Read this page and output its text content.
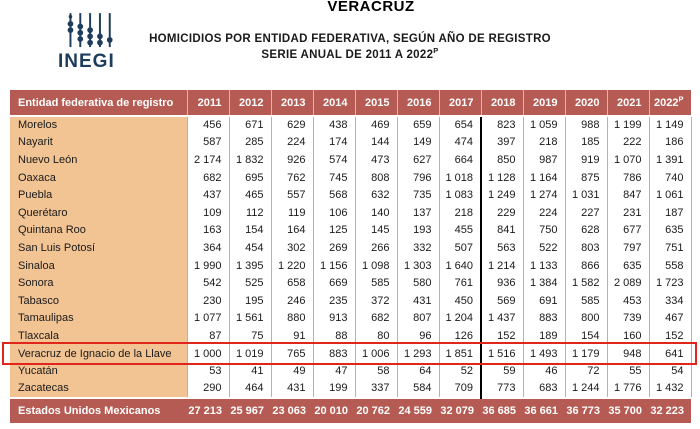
INEGI
VERACRUZ
HOMICIDIOS POR ENTIDAD FEDERATIVA, SEGÚN AÑO DE REGISTRO
SERIE ANUAL DE 2011 A $2022^P$
Entidad federativa de registro	2011	2012	2013	2014	2015	2016	2017	2018	2019	2020	2021	$2022^P$
Morelos	456	671	629	438	469	659	654	823	1 059	988	1 199	1 149
Nayarit	587	285	224	174	144	149	474	397	218	185	222	186
Nuevo León	2 174	1 832	926	574	473	627	664	850	987	919	1 070	1 391
Oaxaca	682	695	762	745	808	796	1 018	1 128	1 164	875	786	740
Puebla	437	465	557	568	632	735	1 083	1 249	1 274	1 031	847	1 061
Querétaro	109	112	119	106	140	137	218	229	224	227	231	187
Quintana Roo	163	154	164	125	145	193	455	841	750	628	677	635
San Luis Potosí	364	454	302	269	266	332	507	563	522	803	797	751
Sinaloa	1 990	1 395	1 220	1 156	1 098	1 303	1 640	1 214	1 133	866	635	558
Sonora	542	525	658	669	585	580	761	936	1 384	1 582	2 089	1 723
Tabasco	230	195	246	235	372	431	450	569	691	585	453	334
Tamaulipas	1 077	1 561	880	913	682	807	1 204	1 437	883	800	739	467
Tlaxcala	87	75	91	88	80	96	126	152	189	154	160	152
Veracruz de Ignacio de la Llave	1 000	1 019	765	883	1 006	1 293	1 851	1 516	1 493	1 179	948	641
Yucatán	53	41	49	47	58	64	52	59	46	72	55	54
Zacatecas	290	464	431	199	337	584	709	773	683	1 244	1 776	1 432
Estados Unidos Mexicanos	27 213	25 967	23 063	20 010	20 762	24 559	32 079	36 685	36 661	36 773	35 700	32 223
